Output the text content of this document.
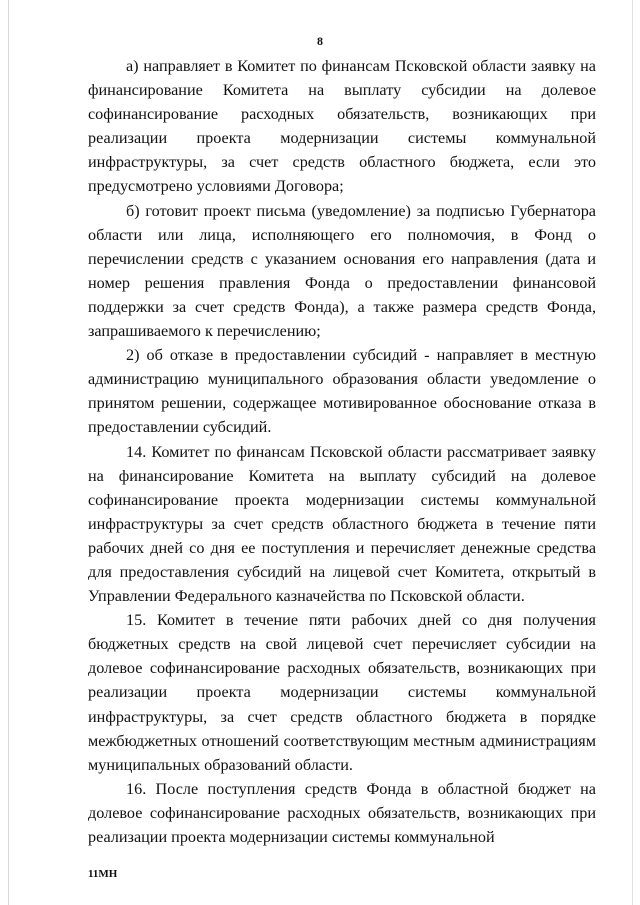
8

а) направляет в Комитет по финансам Псковской области заявку на финансирование Комитета на выплату субсидии на долевое софинансирование расходных обязательств, возникающих при реализации проекта модернизации системы коммунальной инфраструктуры, за счет средств областного бюджета, если это предусмотрено условиями Договора;

б) готовит проект письма (уведомление) за подписью Губернатора области или лица, исполняющего его полномочия, в Фонд о перечислении средств с указанием основания его направления (дата и номер решения правления Фонда о предоставлении финансовой поддержки за счет средств Фонда), а также размера средств Фонда, запрашиваемого к перечислению;

2) об отказе в предоставлении субсидий - направляет в местную администрацию муниципального образования области уведомление о принятом решении, содержащее мотивированное обоснование отказа в предоставлении субсидий.

14. Комитет по финансам Псковской области рассматривает заявку на финансирование Комитета на выплату субсидий на долевое софинансирование проекта модернизации системы коммунальной инфраструктуры за счет средств областного бюджета в течение пяти рабочих дней со дня ее поступления и перечисляет денежные средства для предоставления субсидий на лицевой счет Комитета, открытый в Управлении Федерального казначейства по Псковской области.

15. Комитет в течение пяти рабочих дней со дня получения бюджетных средств на свой лицевой счет перечисляет субсидии на долевое софинансирование расходных обязательств, возникающих при реализации проекта модернизации системы коммунальной инфраструктуры, за счет средств областного бюджета в порядке межбюджетных отношений соответствующим местным администрациям муниципальных образований области.

16. После поступления средств Фонда в областной бюджет на долевое софинансирование расходных обязательств, возникающих при реализации проекта модернизации системы коммунальной

11МН
